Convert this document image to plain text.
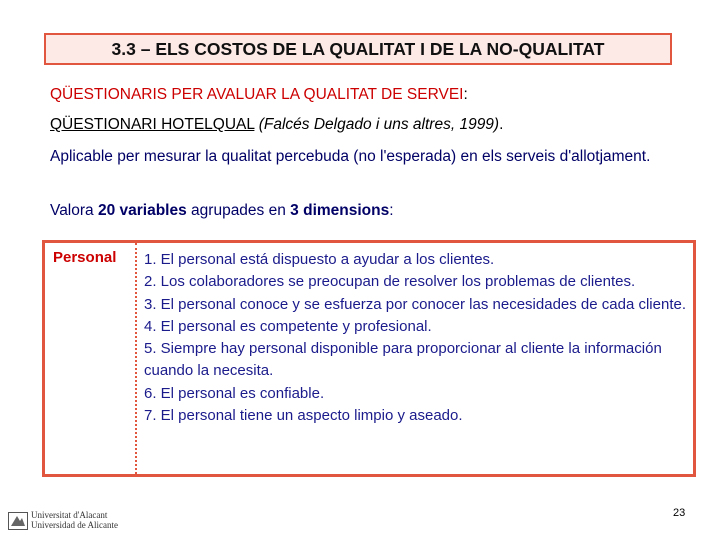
3.3 – ELS COSTOS DE LA QUALITAT I DE LA NO-QUALITAT
QÜESTIONARIS PER AVALUAR LA QUALITAT DE SERVEI:
QÜESTIONARI HOTELQUAL (Falcés Delgado i uns altres, 1999).
Aplicable per mesurar la qualitat percebuda (no l'esperada) en els serveis d'allotjament.
Valora 20 variables agrupades en 3 dimensions:
Personal 1. El personal está dispuesto a ayudar a los clientes.
2. Los colaboradores se preocupan de resolver los problemas de clientes.
3. El personal conoce y se esfuerza por conocer las necesidades de cada cliente.
4. El personal es competente y profesional.
5. Siempre hay personal disponible para proporcionar al cliente la información cuando la necesita.
6. El personal es confiable.
7. El personal tiene un aspecto limpio y aseado.
Universitat d'Alacant
Universidad de Alicante
23
